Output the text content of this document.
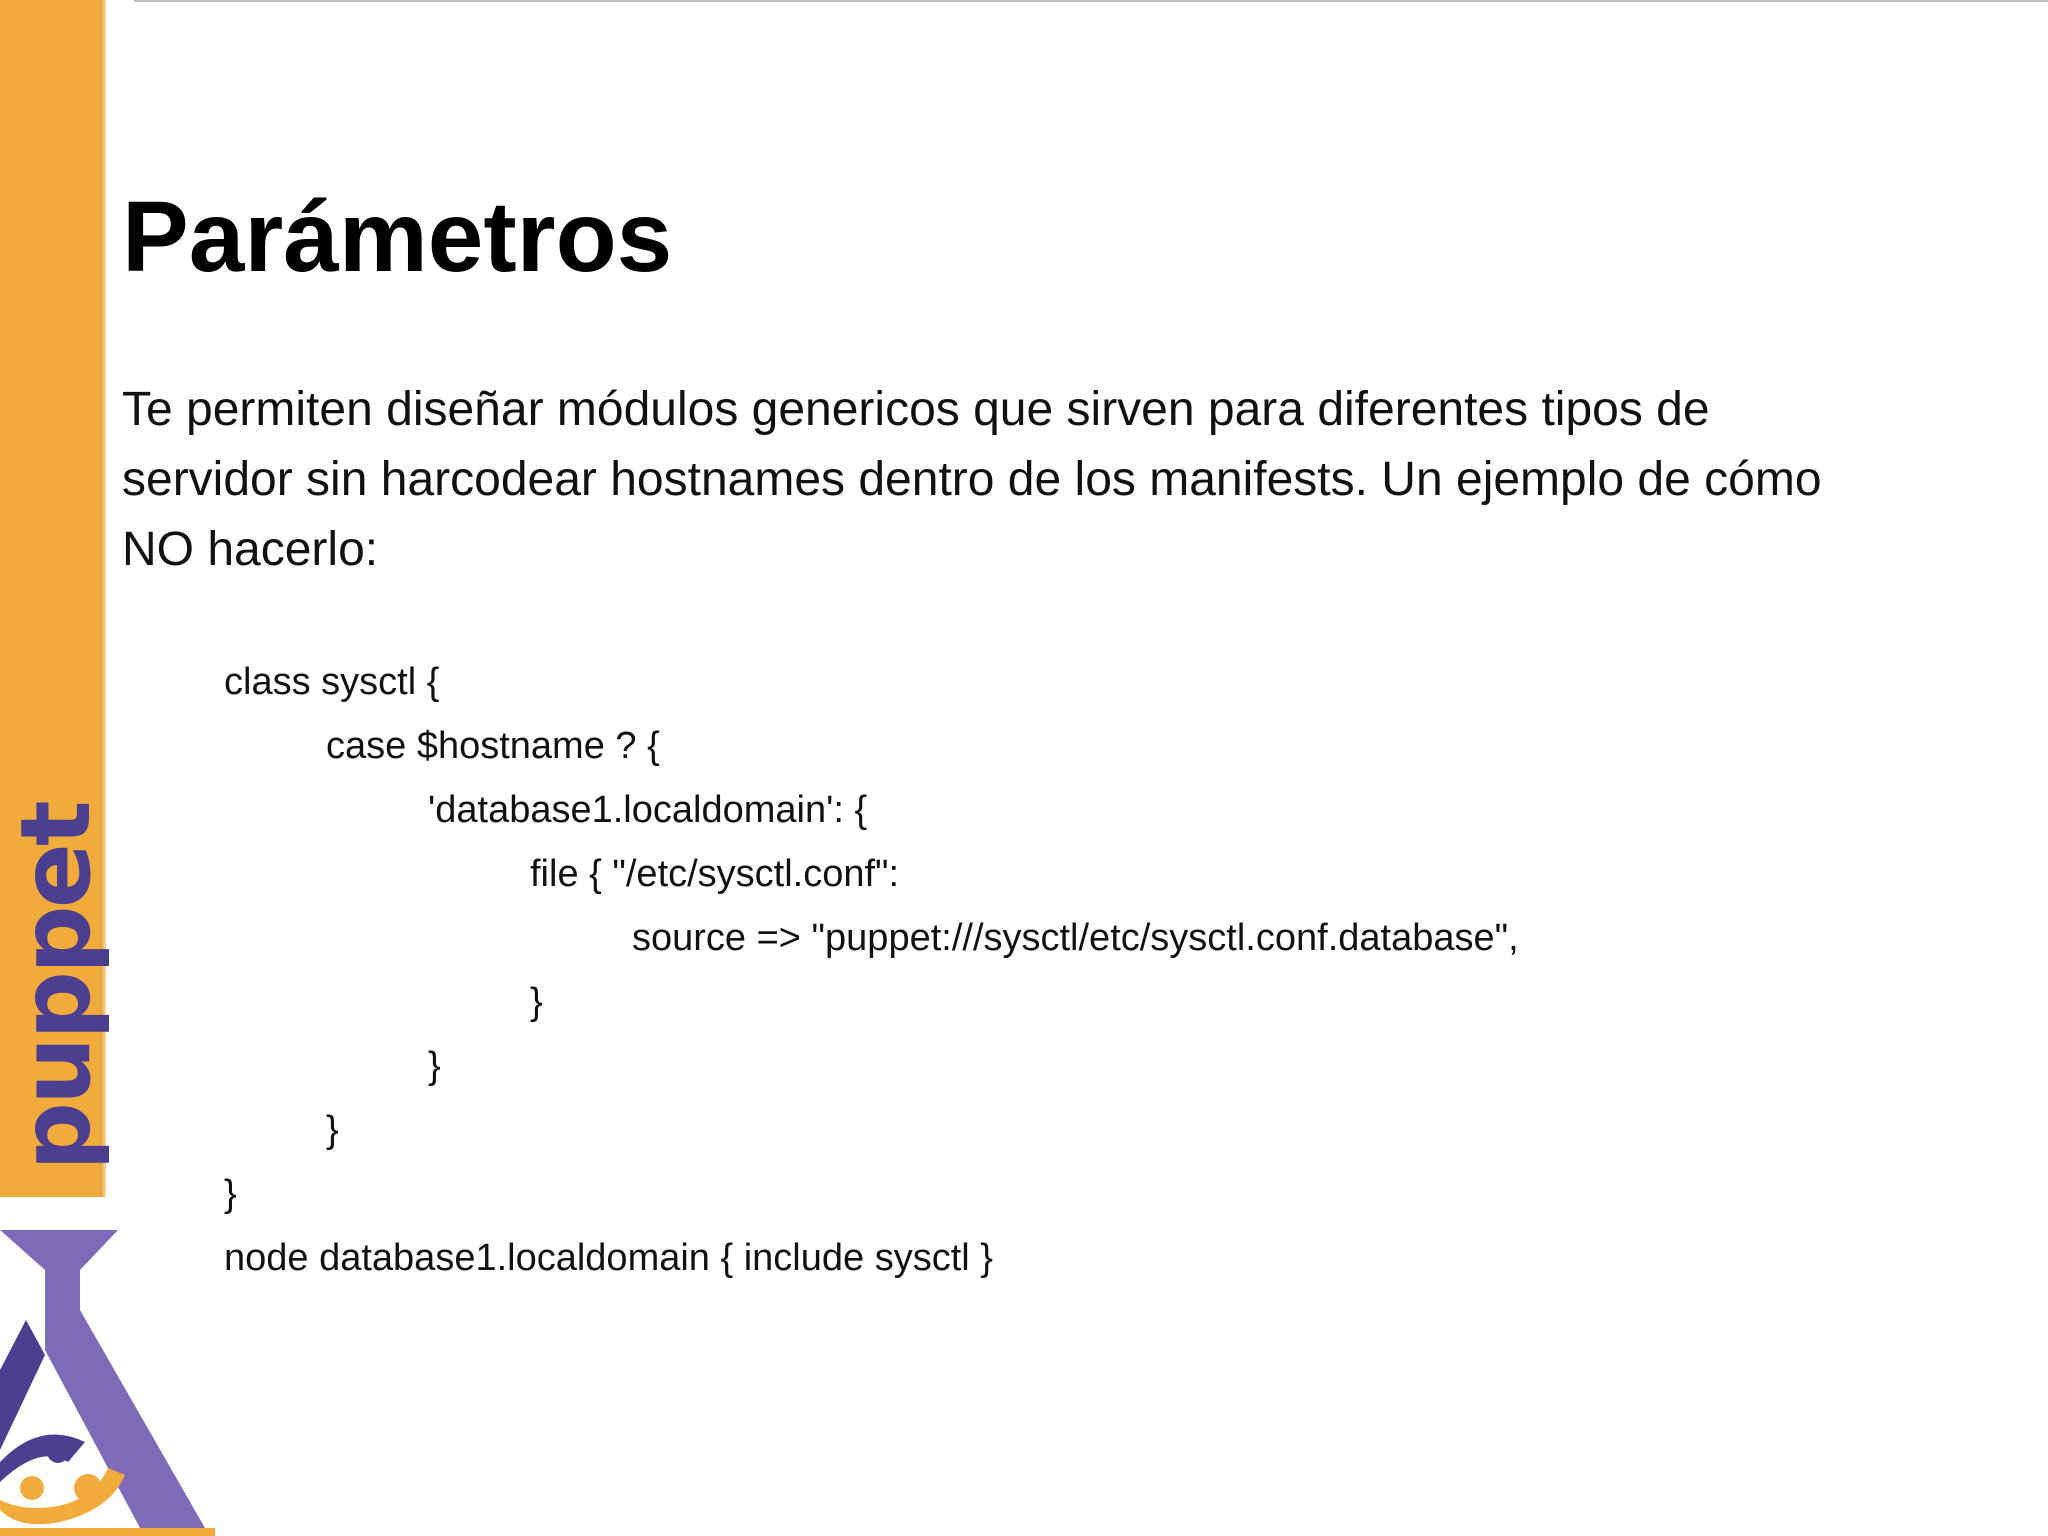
puppet
Parámetros

Te permiten diseñar módulos genericos que sirven para diferentes tipos de servidor sin harcodear hostnames dentro de los manifests. Un ejemplo de cómo NO hacerlo:

class sysctl {
case $hostname ? {
'database1.localdomain': {
file { "/etc/sysctl.conf":
source => "puppet:///sysctl/etc/sysctl.conf.database",
}
}
}
}
node database1.localdomain { include sysctl }
